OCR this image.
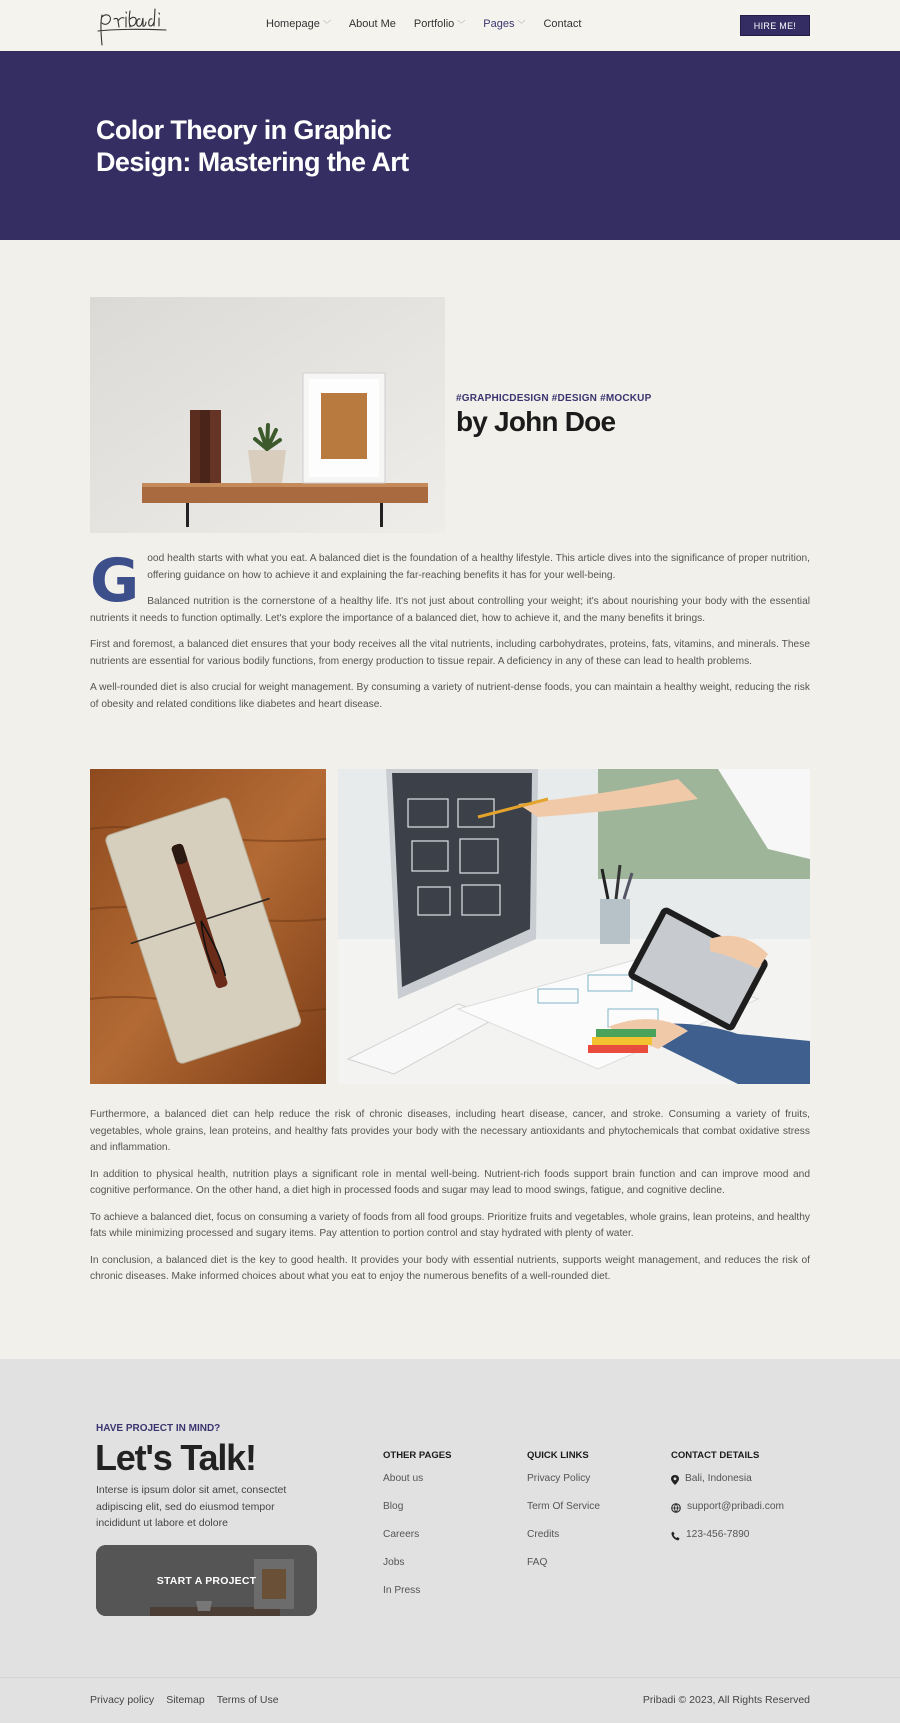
Homepage ﹀ About Me Portfolio ﹀ Pages ﹀ Contact	HIRE ME!
Color Theory in Graphic Design: Mastering the Art
#GRAPHICDESIGN #DESIGN #MOCKUP
by John Doe

Good health starts with what you eat. A balanced diet is the foundation of a healthy lifestyle. This article dives into the significance of proper nutrition, offering guidance on how to achieve it and explaining the far-reaching benefits it has for your well-being.

Balanced nutrition is the cornerstone of a healthy life. It's not just about controlling your weight; it's about nourishing your body with the essential nutrients it needs to function optimally. Let's explore the importance of a balanced diet, how to achieve it, and the many benefits it brings.

First and foremost, a balanced diet ensures that your body receives all the vital nutrients, including carbohydrates, proteins, fats, vitamins, and minerals. These nutrients are essential for various bodily functions, from energy production to tissue repair. A deficiency in any of these can lead to health problems.

A well-rounded diet is also crucial for weight management. By consuming a variety of nutrient-dense foods, you can maintain a healthy weight, reducing the risk of obesity and related conditions like diabetes and heart disease.

Furthermore, a balanced diet can help reduce the risk of chronic diseases, including heart disease, cancer, and stroke. Consuming a variety of fruits, vegetables, whole grains, lean proteins, and healthy fats provides your body with the necessary antioxidants and phytochemicals that combat oxidative stress and inflammation.

In addition to physical health, nutrition plays a significant role in mental well-being. Nutrient-rich foods support brain function and can improve mood and cognitive performance. On the other hand, a diet high in processed foods and sugar may lead to mood swings, fatigue, and cognitive decline.

To achieve a balanced diet, focus on consuming a variety of foods from all food groups. Prioritize fruits and vegetables, whole grains, lean proteins, and healthy fats while minimizing processed and sugary items. Pay attention to portion control and stay hydrated with plenty of water.

In conclusion, a balanced diet is the key to good health. It provides your body with essential nutrients, supports weight management, and reduces the risk of chronic diseases. Make informed choices about what you eat to enjoy the numerous benefits of a well-rounded diet.

HAVE PROJECT IN MIND?
Let's Talk!
Interse is ipsum dolor sit amet, consectet adipiscing elit, sed do eiusmod tempor incididunt ut labore et dolore
START A PROJECT
OTHER PAGES
About us
Blog
Careers
Jobs
In Press
QUICK LINKS
Privacy Policy
Term Of Service
Credits
FAQ
CONTACT DETAILS
Bali, Indonesia
support@pribadi.com
123-456-7890
Privacy policy Sitemap Terms of Use	Pribadi © 2023, All Rights Reserved
